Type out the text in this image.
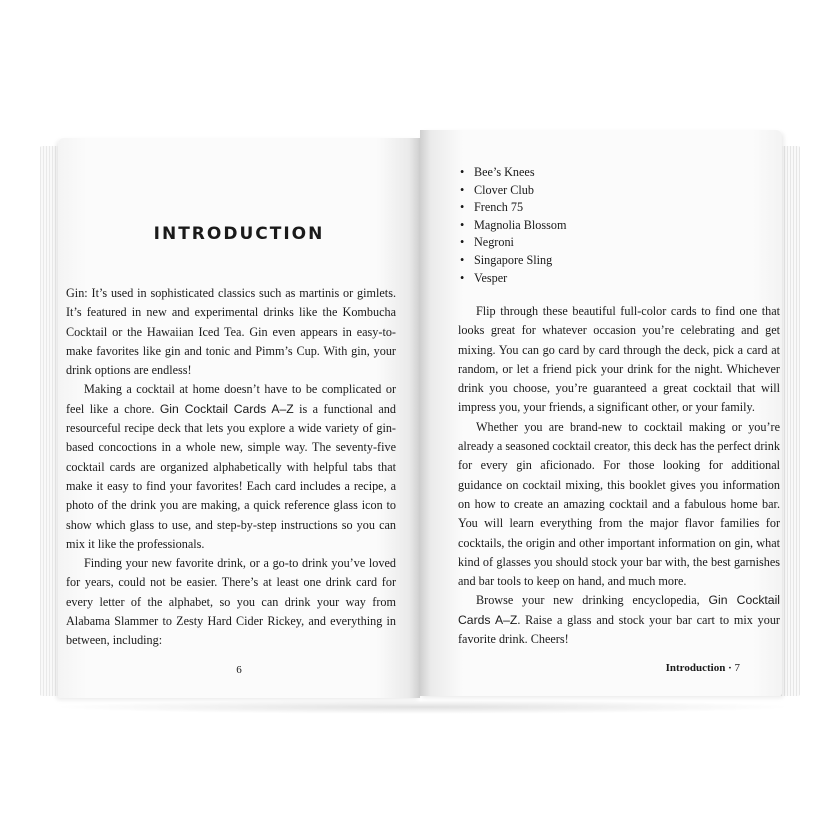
INTRODUCTION

Gin: It’s used in sophisticated classics such as martinis or gimlets. It’s featured in new and experimental drinks like the Kombucha Cocktail or the Hawaiian Iced Tea. Gin even appears in easy-to-make favorites like gin and tonic and Pimm’s Cup. With gin, your drink options are endless!

Making a cocktail at home doesn’t have to be complicated or feel like a chore. Gin Cocktail Cards A–Z is a functional and resourceful recipe deck that lets you explore a wide variety of gin-based concoctions in a whole new, simple way. The seventy-five cocktail cards are organized alphabetically with helpful tabs that make it easy to find your favorites! Each card includes a recipe, a photo of the drink you are making, a quick reference glass icon to show which glass to use, and step-by-step instructions so you can mix it like the professionals.

Finding your new favorite drink, or a go-to drink you’ve loved for years, could not be easier. There’s at least one drink card for every letter of the alphabet, so you can drink your way from Alabama Slammer to Zesty Hard Cider Rickey, and everything in between, including:

6
• Bee’s Knees
• Clover Club
• French 75
• Magnolia Blossom
• Negroni
• Singapore Sling
• Vesper

Flip through these beautiful full-color cards to find one that looks great for whatever occasion you’re celebrating and get mixing. You can go card by card through the deck, pick a card at random, or let a friend pick your drink for the night. Whichever drink you choose, you’re guaranteed a great cocktail that will impress you, your friends, a significant other, or your family.

Whether you are brand-new to cocktail making or you’re already a seasoned cocktail creator, this deck has the perfect drink for every gin aficionado. For those looking for additional guidance on cocktail mixing, this booklet gives you information on how to create an amazing cocktail and a fabulous home bar. You will learn everything from the major flavor families for cocktails, the origin and other important information on gin, what kind of glasses you should stock your bar with, the best garnishes and bar tools to keep on hand, and much more.

Browse your new drinking encyclopedia, Gin Cocktail Cards A–Z. Raise a glass and stock your bar cart to mix your favorite drink. Cheers!

Introduction · 7
